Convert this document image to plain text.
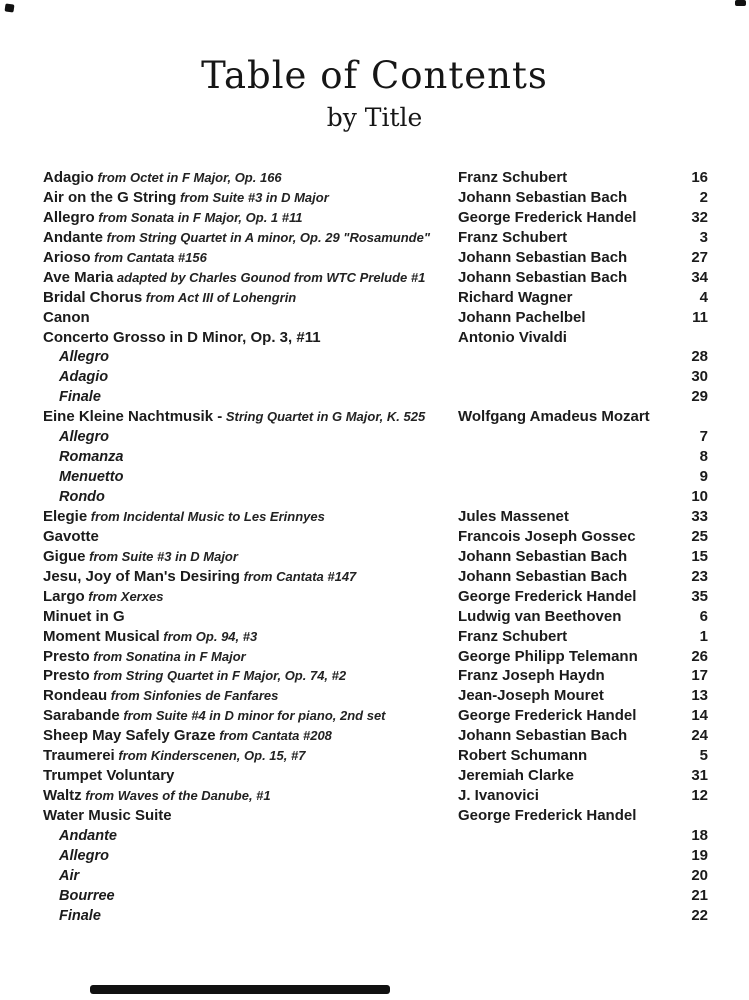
Table of Contents
by Title
Adagio from Octet in F Major, Op. 166	Franz Schubert	16
Air on the G String from Suite #3 in D Major	Johann Sebastian Bach	2
Allegro from Sonata in F Major, Op. 1 #11	George Frederick Handel	32
Andante from String Quartet in A minor, Op. 29 "Rosamunde"	Franz Schubert	3
Arioso from Cantata #156	Johann Sebastian Bach	27
Ave Maria adapted by Charles Gounod from WTC Prelude #1	Johann Sebastian Bach	34
Bridal Chorus from Act III of Lohengrin	Richard Wagner	4
Canon	Johann Pachelbel	11
Concerto Grosso in D Minor, Op. 3, #11	Antonio Vivaldi
Allegro	28
Adagio	30
Finale	29
Eine Kleine Nachtmusik - String Quartet in G Major, K. 525	Wolfgang Amadeus Mozart
Allegro	7
Romanza	8
Menuetto	9
Rondo	10
Elegie from Incidental Music to Les Erinnyes	Jules Massenet	33
Gavotte	Francois Joseph Gossec	25
Gigue from Suite #3 in D Major	Johann Sebastian Bach	15
Jesu, Joy of Man's Desiring from Cantata #147	Johann Sebastian Bach	23
Largo from Xerxes	George Frederick Handel	35
Minuet in G	Ludwig van Beethoven	6
Moment Musical from Op. 94, #3	Franz Schubert	1
Presto from Sonatina in F Major	George Philipp Telemann	26
Presto from String Quartet in F Major, Op. 74, #2	Franz Joseph Haydn	17
Rondeau from Sinfonies de Fanfares	Jean-Joseph Mouret	13
Sarabande from Suite #4 in D minor for piano, 2nd set	George Frederick Handel	14
Sheep May Safely Graze from Cantata #208	Johann Sebastian Bach	24
Traumerei from Kinderscenen, Op. 15, #7	Robert Schumann	5
Trumpet Voluntary	Jeremiah Clarke	31
Waltz from Waves of the Danube, #1	J. Ivanovici	12
Water Music Suite	George Frederick Handel
Andante	18
Allegro	19
Air	20
Bourree	21
Finale	22
